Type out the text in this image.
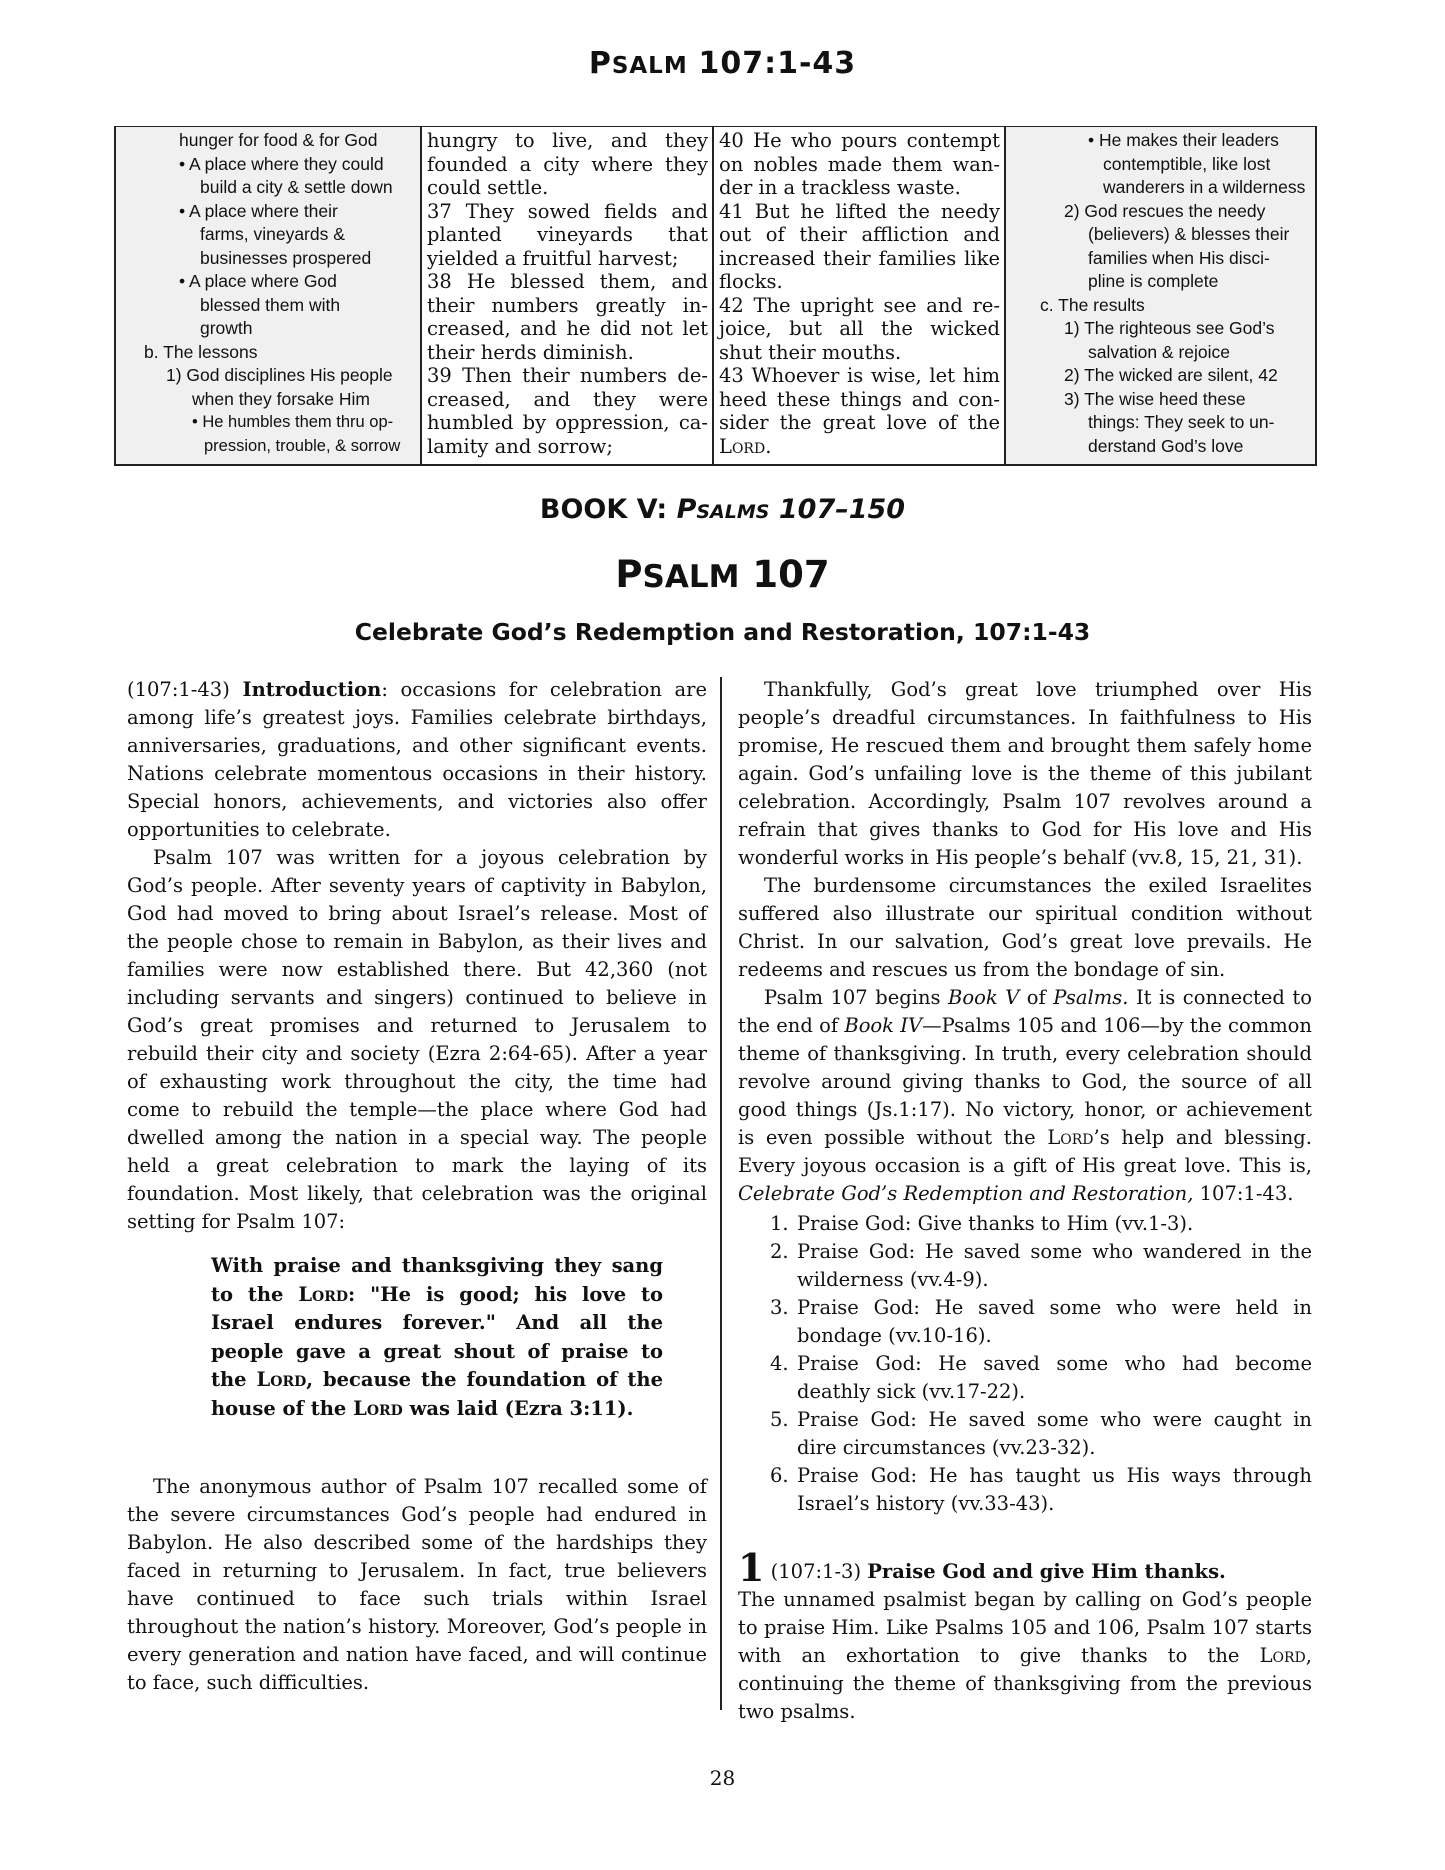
PSALM 107:1-43
hunger for food & for God
• A place where they could
build a city & settle down
• A place where their
farms, vineyards &
businesses prospered
• A place where God
blessed them with
growth
b. The lessons
1) God disciplines His people
when they forsake Him
• He humbles them thru op-
pression, trouble, & sorrow
hungry to live, and they
founded a city where they
could settle.
37 They sowed fields and
planted vineyards that
yielded a fruitful harvest;
38 He blessed them, and
their numbers greatly in-
creased, and he did not let
their herds diminish.
39 Then their numbers de-
creased, and they were
humbled by oppression, ca-
lamity and sorrow;
40 He who pours contempt
on nobles made them wan-
der in a trackless waste.
41 But he lifted the needy
out of their affliction and
increased their families like
flocks.
42 The upright see and re-
joice, but all the wicked
shut their mouths.
43 Whoever is wise, let him
heed these things and con-
sider the great love of the
Lord.
• He makes their leaders
contemptible, like lost
wanderers in a wilderness
2) God rescues the needy
(believers) & blesses their
families when His disci-
pline is complete
c. The results
1) The righteous see God’s
salvation & rejoice
2) The wicked are silent, 42
3) The wise heed these
things: They seek to un-
derstand God’s love
BOOK V: Psalms 107–150
PSALM 107
Celebrate God’s Redemption and Restoration, 107:1-43

(107:1-43) Introduction: occasions for celebration are among life’s greatest joys. Families celebrate birthdays, anniversaries, graduations, and other significant events. Nations celebrate momentous occasions in their history. Special honors, achievements, and victories also offer opportunities to celebrate.

Psalm 107 was written for a joyous celebration by God’s people. After seventy years of captivity in Babylon, God had moved to bring about Israel’s release. Most of the people chose to remain in Babylon, as their lives and families were now established there. But 42,360 (not including servants and singers) continued to believe in God’s great promises and returned to Jerusalem to rebuild their city and society (Ezra 2:64-65). After a year of exhausting work throughout the city, the time had come to rebuild the temple—the place where God had dwelled among the nation in a special way. The people held a great celebration to mark the laying of its foundation. Most likely, that celebration was the original setting for Psalm 107:

With praise and thanksgiving they sang to the Lord: "He is good; his love to Israel endures forever." And all the people gave a great shout of praise to the Lord, because the foundation of the house of the Lord was laid (Ezra 3:11).

The anonymous author of Psalm 107 recalled some of the severe circumstances God’s people had endured in Babylon. He also described some of the hardships they faced in returning to Jerusalem. In fact, true believers have continued to face such trials within Israel throughout the nation’s history. Moreover, God’s people in every generation and nation have faced, and will continue to face, such difficulties.

Thankfully, God’s great love triumphed over His people’s dreadful circumstances. In faithfulness to His promise, He rescued them and brought them safely home again. God’s unfailing love is the theme of this jubilant celebration. Accordingly, Psalm 107 revolves around a refrain that gives thanks to God for His love and His wonderful works in His people’s behalf (vv.8, 15, 21, 31).

The burdensome circumstances the exiled Israelites suffered also illustrate our spiritual condition without Christ. In our salvation, God’s great love prevails. He redeems and rescues us from the bondage of sin.

Psalm 107 begins Book V of Psalms. It is connected to the end of Book IV—Psalms 105 and 106—by the common theme of thanksgiving. In truth, every celebration should revolve around giving thanks to God, the source of all good things (Js.1:17). No victory, honor, or achievement is even possible without the Lord’s help and blessing. Every joyous occasion is a gift of His great love. This is, Celebrate God’s Redemption and Restoration, 107:1-43.

1. Praise God: Give thanks to Him (vv.1-3).
2. Praise God: He saved some who wandered in the wilderness (vv.4-9).
3. Praise God: He saved some who were held in bondage (vv.10-16).
4. Praise God: He saved some who had become deathly sick (vv.17-22).
5. Praise God: He saved some who were caught in dire circumstances (vv.23-32).
6. Praise God: He has taught us His ways through Israel’s history (vv.33-43).

1 (107:1-3) Praise God and give Him thanks.

The unnamed psalmist began by calling on God’s people to praise Him. Like Psalms 105 and 106, Psalm 107 starts with an exhortation to give thanks to the Lord, continuing the theme of thanksgiving from the previous two psalms.

28
